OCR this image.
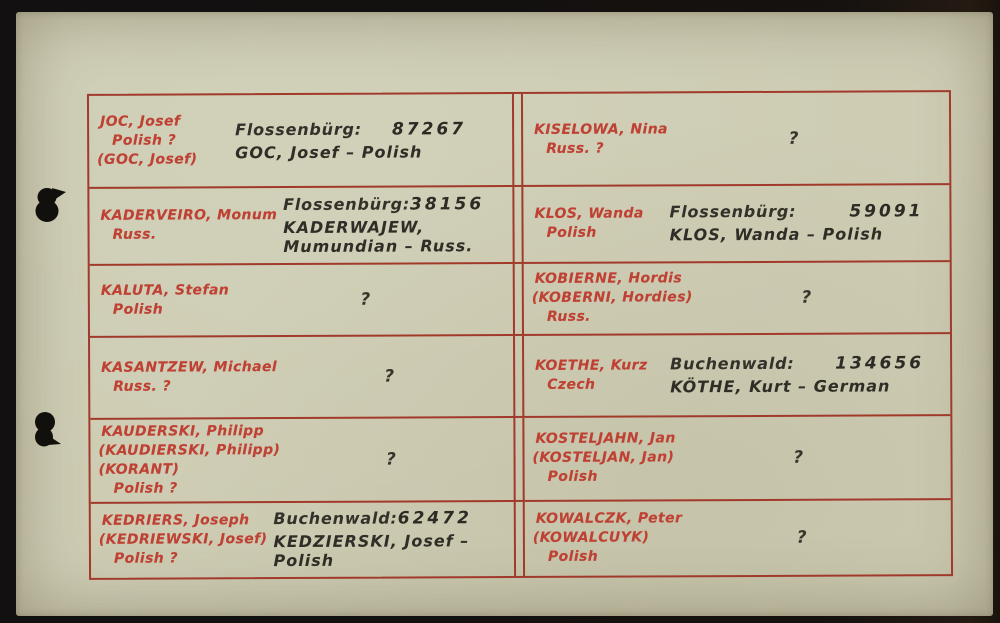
JOC, Josef
Polish ?
(GOC, Josef)
Flossenbürg: 87267
GOC, Josef – Polish
KISELOWA, Nina
Russ. ?	?
KADERVEIRO, Monum
Russ.
Flossenbürg: 38156
KADERWAJEW, Mumundian – Russ.
KLOS, Wanda
Polish
Flossenbürg:	59091
KLOS, Wanda – Polish
KALUTA, Stefan
Polish	?
KOBIERNE, Hordis
(KOBERNI, Hordies)
Russ.
?
KASANTZEW, Michael
Russ. ?
?
KOETHE, Kurz
Czech
Buchenwald: 134656
KÖTHE, Kurt – German
KAUDERSKI, Philipp
(KAUDIERSKI, Philipp)
(KORANT)
Polish ?
?
KOSTELJAHN, Jan
(KOSTELJAN, Jan)
Polish
?
KEDRIERS, Joseph
(KEDRIEWSKI, Josef)
Polish ?
Buchenwald: 62472
KEDZIERSKI, Josef – Polish
KOWALCZK, Peter
(KOWALCUYK)
Polish
?
